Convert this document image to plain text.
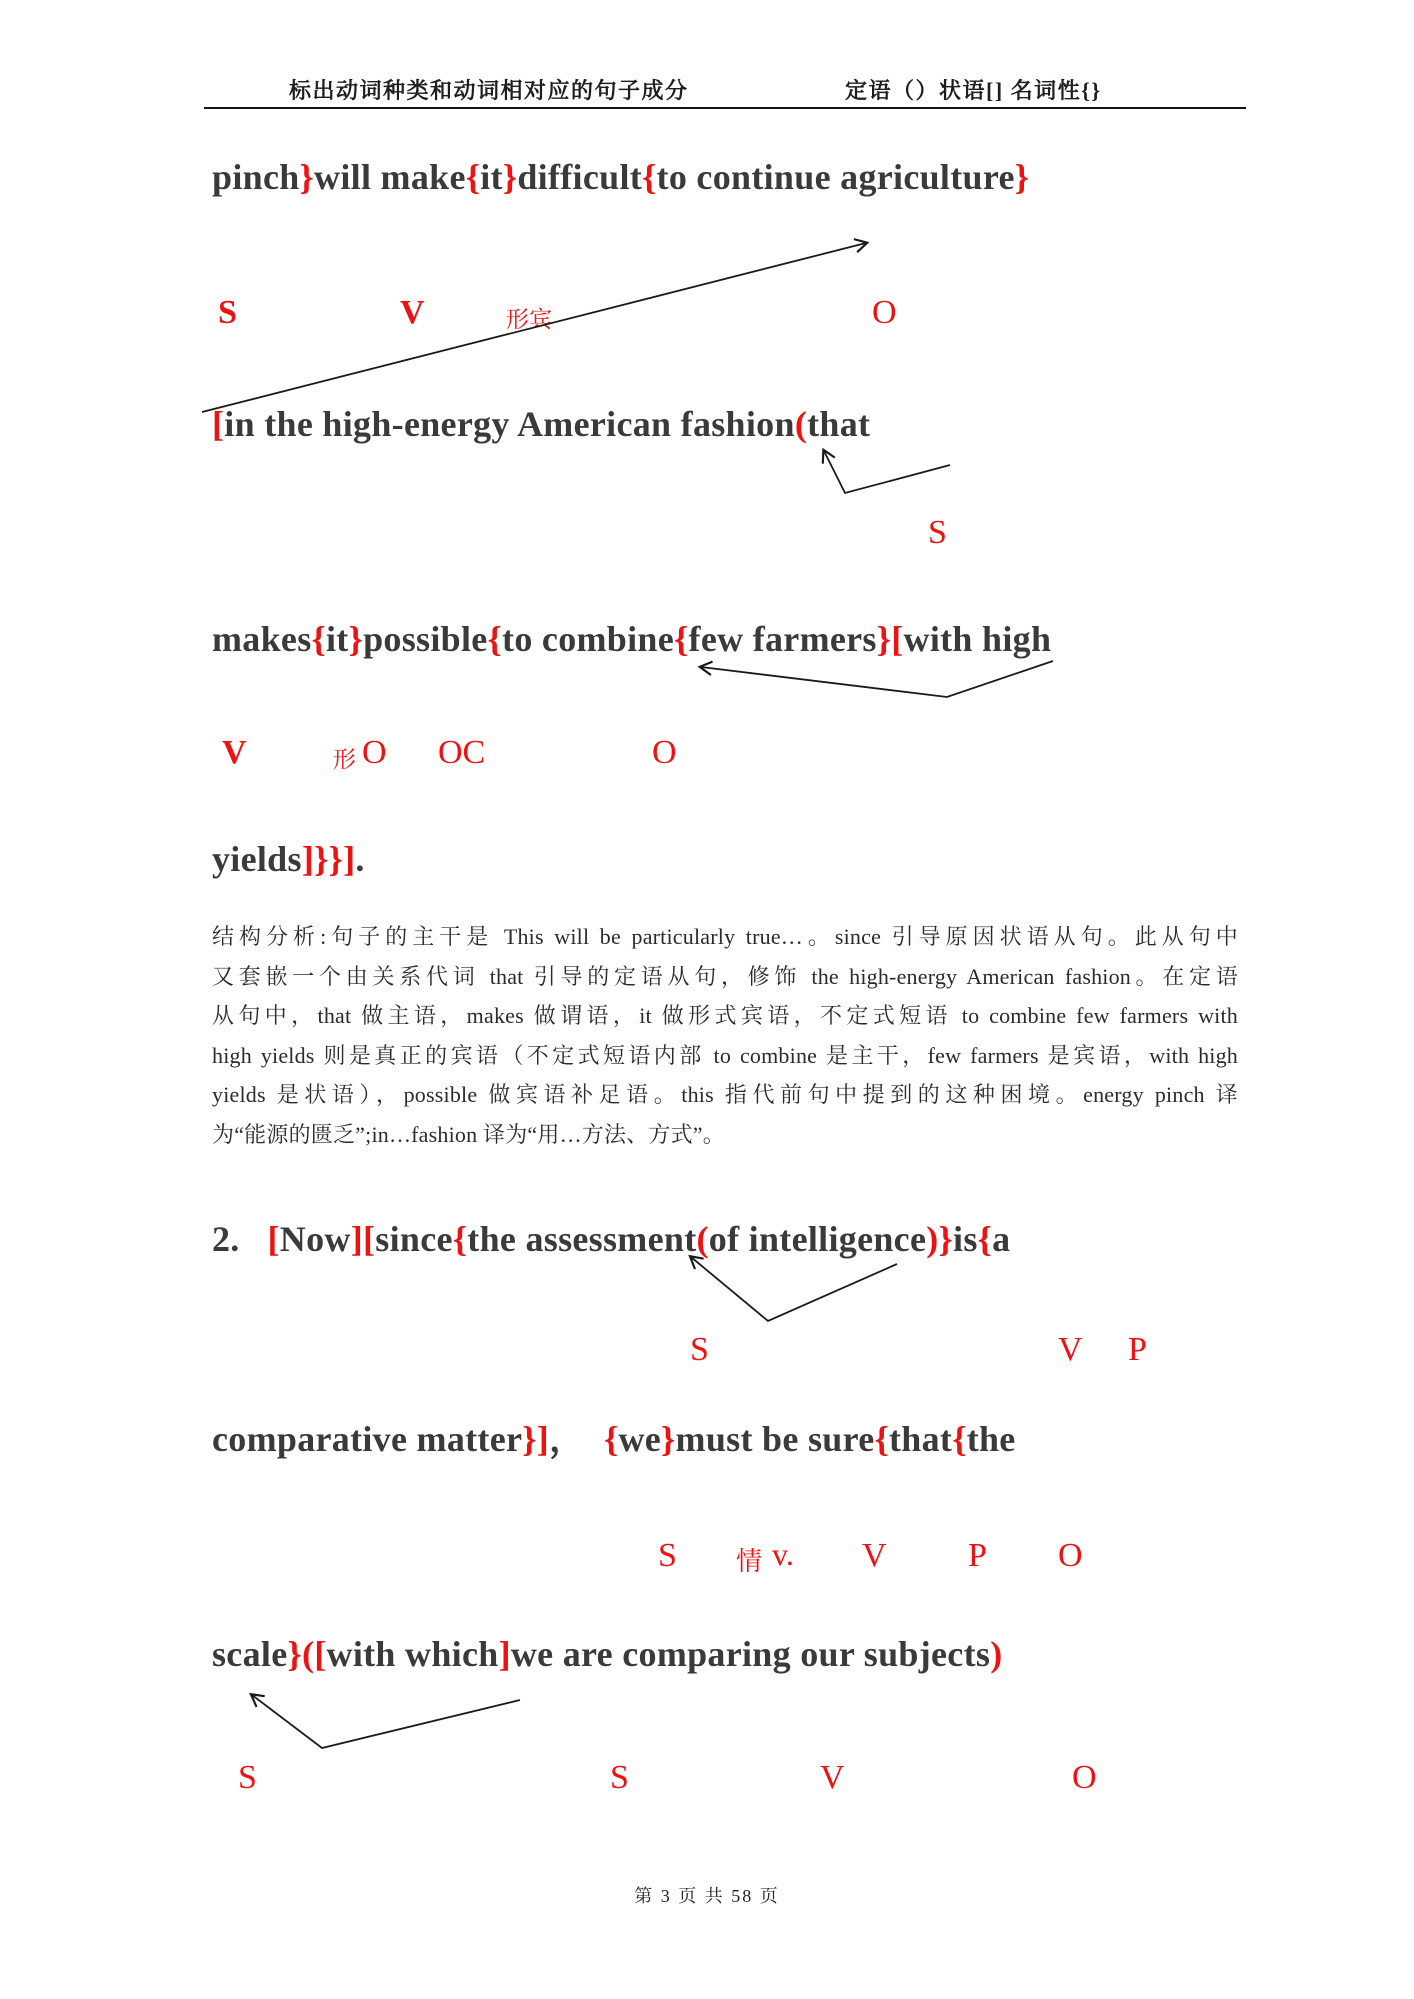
标出动词种类和动词相对应的句子成分	定语（）状语[] 名词性{}
pinch}will make{it}difficult{to continue agriculture}
[in the high-energy American fashion(that
makes{it}possible{to combine{few farmers}[with high
yields]}}].
2.   [Now][since{the assessment(of intelligence)}is{a
comparative matter}]，  {we}must be sure{that{the
scale}([with which]we are comparing our subjects)
S	V	形宾	O
S
V	形 O OC	O
S	V P
S 情 v. V P O
S	S	V	O
结构分析:句子的主干是 This will be particularly true…。since 引导原因状语从句。此从句中
又套嵌一个由关系代词 that 引导的定语从句，修饰 the high-energy American fashion。在定语
从句中，that 做主语，makes 做谓语，it 做形式宾语，不定式短语 to combine few farmers with
high yields 则是真正的宾语（不定式短语内部 to combine 是主干，few farmers 是宾语，with high
yields 是状语），possible 做宾语补足语。this 指代前句中提到的这种困境。energy pinch 译
为“能源的匮乏”;in…fashion 译为“用…方法、方式”。
第 3 页 共 58 页
